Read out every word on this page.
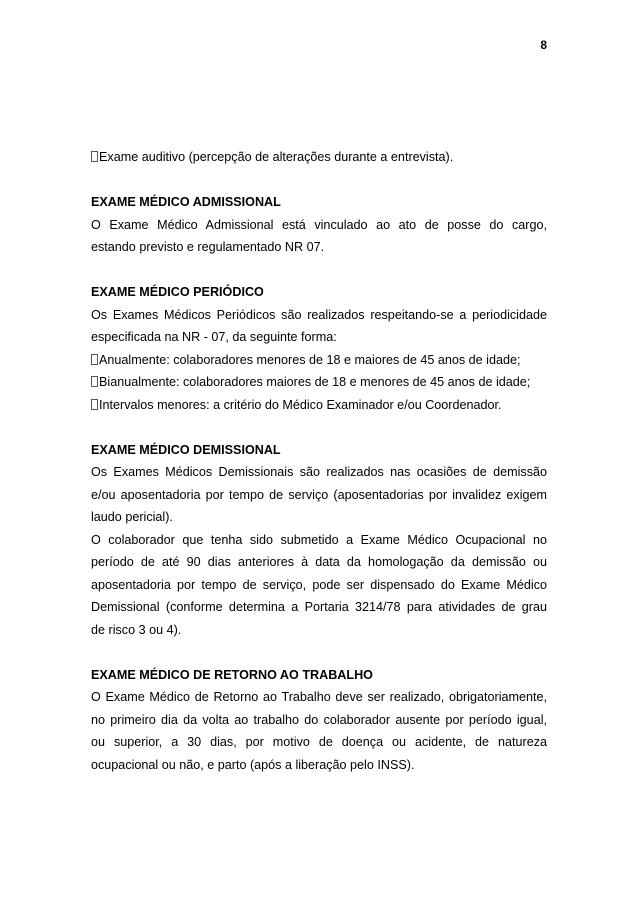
8
Exame auditivo (percepção de alterações durante a entrevista).
EXAME MÉDICO ADMISSIONAL
O Exame Médico Admissional está vinculado ao ato de posse do cargo,
estando previsto e regulamentado NR 07.
EXAME MÉDICO PERIÓDICO
Os Exames Médicos Periódicos são realizados respeitando-se a periodicidade
especificada na NR - 07, da seguinte forma:
Anualmente: colaboradores menores de 18 e maiores de 45 anos de idade;
Bianualmente: colaboradores maiores de 18 e menores de 45 anos de idade;
Intervalos menores: a critério do Médico Examinador e/ou Coordenador.
EXAME MÉDICO DEMISSIONAL
Os Exames Médicos Demissionais são realizados nas ocasiões de demissão
e/ou aposentadoria por tempo de serviço (aposentadorias por invalidez exigem
laudo pericial).
O colaborador que tenha sido submetido a Exame Médico Ocupacional no
período de até 90 dias anteriores à data da homologação da demissão ou
aposentadoria por tempo de serviço, pode ser dispensado do Exame Médico
Demissional (conforme determina a Portaria 3214/78 para atividades de grau
de risco 3 ou 4).
EXAME MÉDICO DE RETORNO AO TRABALHO
O Exame Médico de Retorno ao Trabalho deve ser realizado, obrigatoriamente,
no primeiro dia da volta ao trabalho do colaborador ausente por período igual,
ou superior, a 30 dias, por motivo de doença ou acidente, de natureza
ocupacional ou não, e parto (após a liberação pelo INSS).
